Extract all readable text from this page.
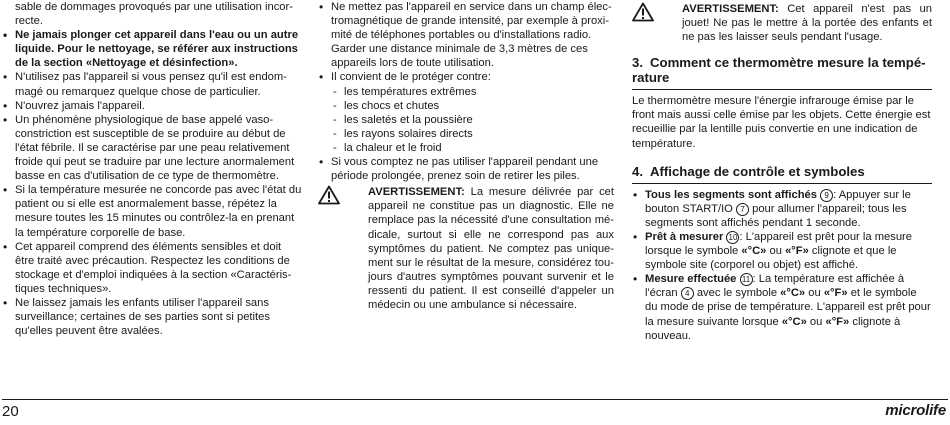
sable de dommages provoqués par une utilisation incorrecte.
• Ne jamais plonger cet appareil dans l'eau ou un autre liquide. Pour le nettoyage, se référer aux instructions de la section «Nettoyage et désinfection».
• N'utilisez pas l'appareil si vous pensez qu'il est endommagé ou remarquez quelque chose de particulier.
• N'ouvrez jamais l'appareil.
• Un phénomène physiologique de base appelé vasoconstriction est susceptible de se produire au début de l'état fébrile. Il se caractérise par une peau relativement froide qui peut se traduire par une lecture anormalement basse en cas d'utilisation de ce type de thermomètre.
• Si la température mesurée ne concorde pas avec l'état du patient ou si elle est anormalement basse, répétez la mesure toutes les 15 minutes ou contrôlez-la en prenant la température corporelle de base.
• Cet appareil comprend des éléments sensibles et doit être traité avec précaution. Respectez les conditions de stockage et d'emploi indiquées à la section «Caractéristiques techniques».
• Ne laissez jamais les enfants utiliser l'appareil sans surveillance; certaines de ses parties sont si petites qu'elles peuvent être avalées.
• Ne mettez pas l'appareil en service dans un champ électromagnétique de grande intensité, par exemple à proximité de téléphones portables ou d'installations radio. Garder une distance minimale de 3,3 mètres de ces appareils lors de toute utilisation.
• Il convient de le protéger contre:
- les températures extrêmes
- les chocs et chutes
- les saletés et la poussière
- les rayons solaires directs
- la chaleur et le froid
• Si vous comptez ne pas utiliser l'appareil pendant une période prolongée, prenez soin de retirer les piles.
AVERTISSEMENT: La mesure délivrée par cet appareil ne constitue pas un diagnostic. Elle ne remplace pas la nécessité d'une consultation médicale, surtout si elle ne correspond pas aux symptômes du patient. Ne comptez pas uniquement sur le résultat de la mesure, considérez toujours d'autres symptômes pouvant survenir et le ressenti du patient. Il est conseillé d'appeler un médecin ou une ambulance si nécessaire.
AVERTISSEMENT: Cet appareil n'est pas un jouet! Ne pas le mettre à la portée des enfants et ne pas les laisser seuls pendant l'usage.
3. Comment ce thermomètre mesure la température

Le thermomètre mesure l'énergie infrarouge émise par le front mais aussi celle émise par les objets. Cette énergie est recueillie par la lentille puis convertie en une indication de température.

4. Affichage de contrôle et symboles
• Tous les segments sont affichés 9 : Appuyer sur le bouton START/IO 7 pour allumer l'appareil; tous les segments sont affichés pendant 1 seconde.
• Prêt à mesurer 10 : L'appareil est prêt pour la mesure lorsque le symbole «°C» ou «°F» clignote et que le symbole site (corporel ou objet) est affiché.
• Mesure effectuée 11 : La température est affichée à l'écran 4 avec le symbole «°C» ou «°F» et le symbole du mode de prise de température. L'appareil est prêt pour la mesure suivante lorsque «°C» ou «°F» clignote à nouveau.
20	microlife
